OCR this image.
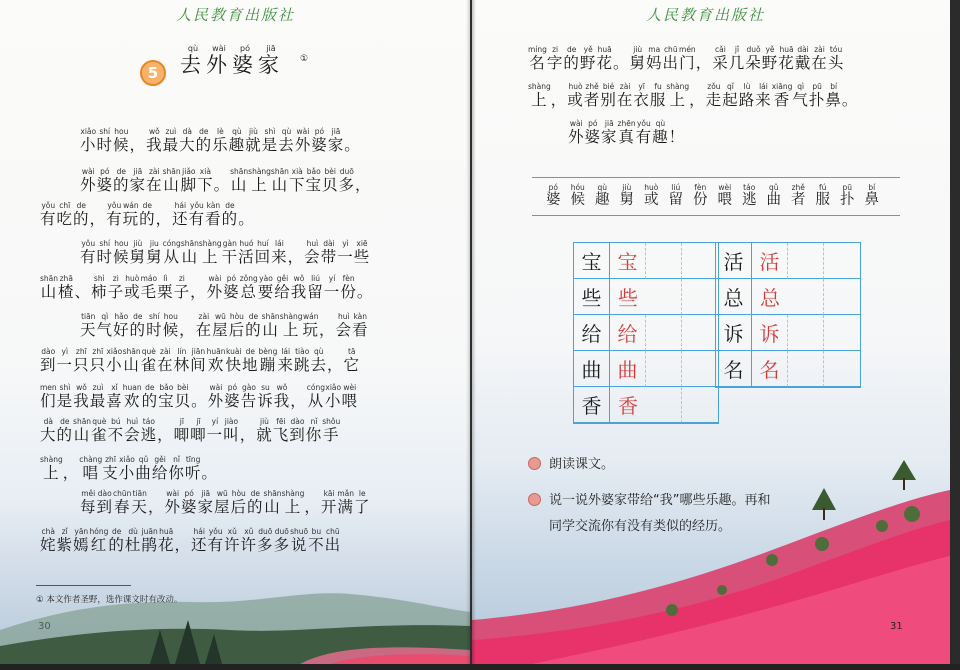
人民教育出版社
5	去qù外wài婆pó家jiā
①
小xiǎo时shí候hou， 我wǒ最zuì大dà的de乐lè趣qù就jiù是shì去qù外wài婆pó家jiā。
外wài婆pó的de家jiā在zài山shān脚jiǎo下xià。 山shān上shàng山shān下xià宝bǎo贝bèi多duō，
有yǒu吃chī的de， 有yǒu玩wán的de， 还hái有yǒu看kàn的de。
有yǒu时shí候hou舅jiù舅jiu从cóng山shān上shàng干gàn活huó回huí来lái， 会huì带dài一yì些xiē
山shān楂zhā、 柿shì子zi或huò毛máo栗lì子zi， 外wài婆pó总zǒng要yào给gěi我wǒ留liú一yí份fèn。
天tiān气qì好hǎo的de时shí候hou， 在zài屋wū后hòu的de山shān上shàng玩wán， 会huì看kàn
到dào一yì只zhī只zhī小xiǎo山shān雀què在zài林lín间jiān欢huān快kuài地de蹦bèng来lái跳tiào去qù， 它tā
们men是shì我wǒ最zuì喜xǐ欢huan的de宝bǎo贝bèi。 外wài婆pó告gào诉su我wǒ， 从cóng小xiǎo喂wèi
大dà的de山shān雀què不bú会huì逃táo， 唧jī唧jī一yí叫jiào， 就jiù飞fēi到dào你nǐ手shǒu
上shàng， 唱chàng支zhī小xiǎo曲qǔ给gěi你nǐ听tīng。
每měi到dào春chūn天tiān， 外wài婆pó家jiā屋wū后hòu的de山shān上shàng， 开kāi满mǎn了le
姹chà紫zǐ嫣yān红hóng的de杜dù鹃juān花huā， 还hái有yǒu许xǔ许xǔ多duō多duō说shuō不bu出chū
① 本文作者圣野，选作课文时有改动。
人民教育出版社
名míng字zi的de野yě花huā。 舅jiù妈ma出chū门mén， 采cǎi几jǐ朵duǒ野yě花huā戴dài在zài头tóu
上shàng， 或huò者zhě别bié在zài衣yī服fu上shàng， 走zǒu起qǐ路lù来lái香xiāng气qì扑pū鼻bí。
外wài婆pó家jiā真zhēn有yǒu趣qù！
31
婆pó
候hóu
趣qù
舅jiù
或huò
留liú
份fèn
喂wèi
逃táo
曲qǔ
者zhě
服fú
扑pū
鼻bí
宝 宝
些 些
给 给
曲 曲
香 香
活 活
总 总
诉 诉
名 名
朗读课文。
说一说外婆家带给“我”哪些乐趣。再和
同学交流你有没有类似的经历。
